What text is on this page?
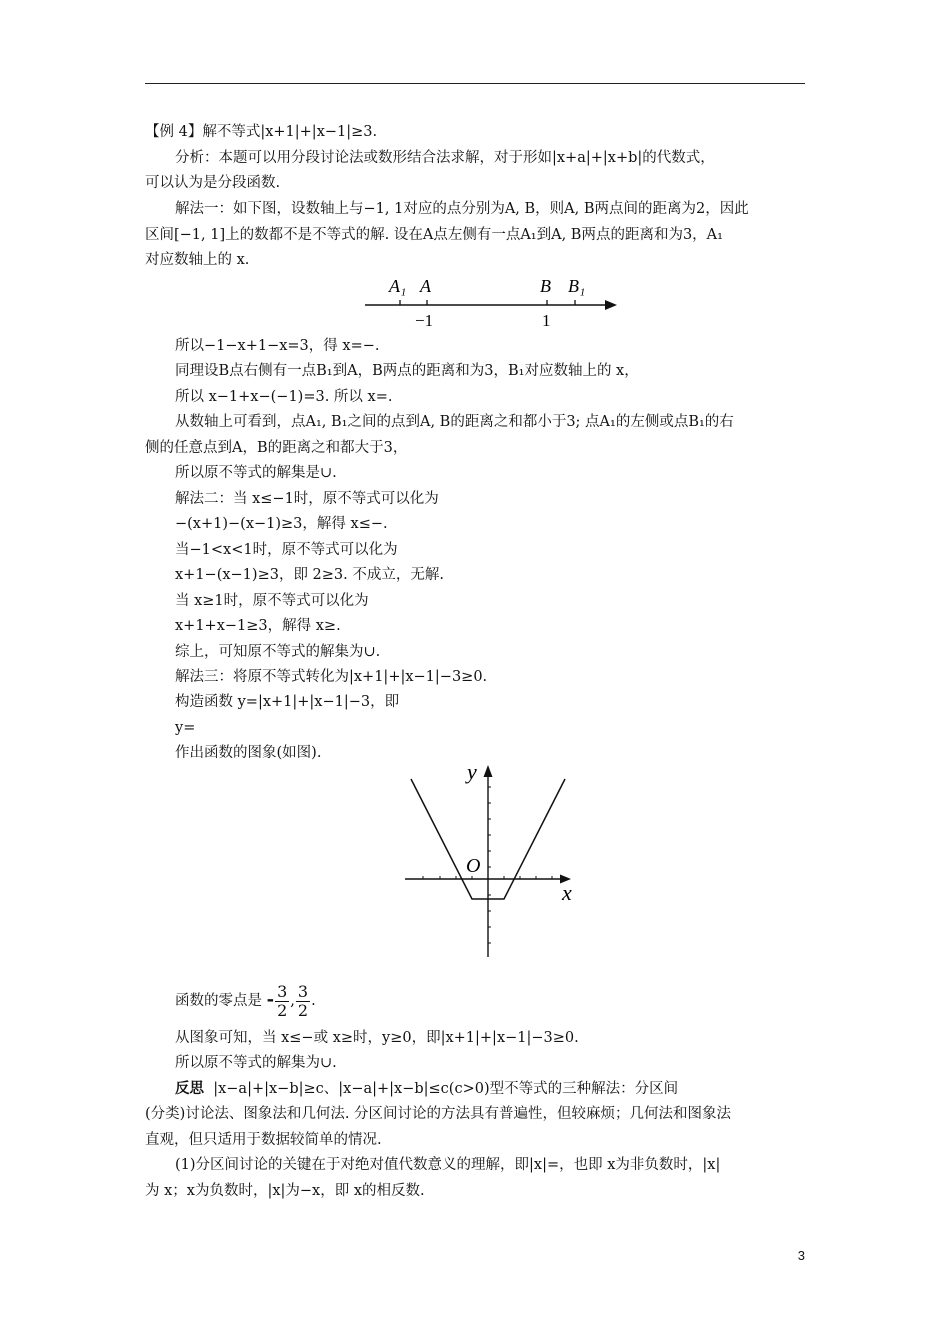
【例 4】解不等式|x+1|+|x−1|≥3.
分析：本题可以用分段讨论法或数形结合法求解，对于形如|x+a|+|x+b|的代数式，
可以认为是分段函数.
解法一：如下图，设数轴上与−1, 1对应的点分别为A, B，则A, B两点间的距离为2，因此
区间[−1, 1]上的数都不是不等式的解. 设在A点左侧有一点A₁到A, B两点的距离和为3，A₁
对应数轴上的 x.
A₁ A	B B₁
−1	1
所以−1−x+1−x=3，得 x=−.
同理设B点右侧有一点B₁到A，B两点的距离和为3，B₁对应数轴上的 x，
所以 x−1+x−(−1)=3. 所以 x=.
从数轴上可看到，点A₁, B₁之间的点到A, B的距离之和都小于3; 点A₁的左侧或点B₁的右
侧的任意点到A，B的距离之和都大于3，
所以原不等式的解集是∪.
解法二：当 x≤−1时，原不等式可以化为
−(x+1)−(x−1)≥3，解得 x≤−.
当−1<x<1时，原不等式可以化为
x+1−(x−1)≥3，即 2≥3. 不成立，无解.
当 x≥1时，原不等式可以化为
x+1+x−1≥3，解得 x≥.
综上，可知原不等式的解集为∪.
解法三：将原不等式转化为|x+1|+|x−1|−3≥0.
构造函数 y=|x+1|+|x−1|−3，即
y=
作出函数的图象(如图).
y
x
O
函数的零点是 - $\frac{3}{2}$ , $\frac{3}{2}$ .
从图象可知，当 x≤−或 x≥时，y≥0，即|x+1|+|x−1|−3≥0.
所以原不等式的解集为∪.
反思 |x−a|+|x−b|≥c、|x−a|+|x−b|≤c(c>0)型不等式的三种解法：分区间
(分类)讨论法、图象法和几何法. 分区间讨论的方法具有普遍性，但较麻烦；几何法和图象法
直观，但只适用于数据较简单的情况.
(1)分区间讨论的关键在于对绝对值代数意义的理解，即|x|=，也即 x为非负数时，|x|
为 x；x为负数时，|x|为−x，即 x的相反数.
3
